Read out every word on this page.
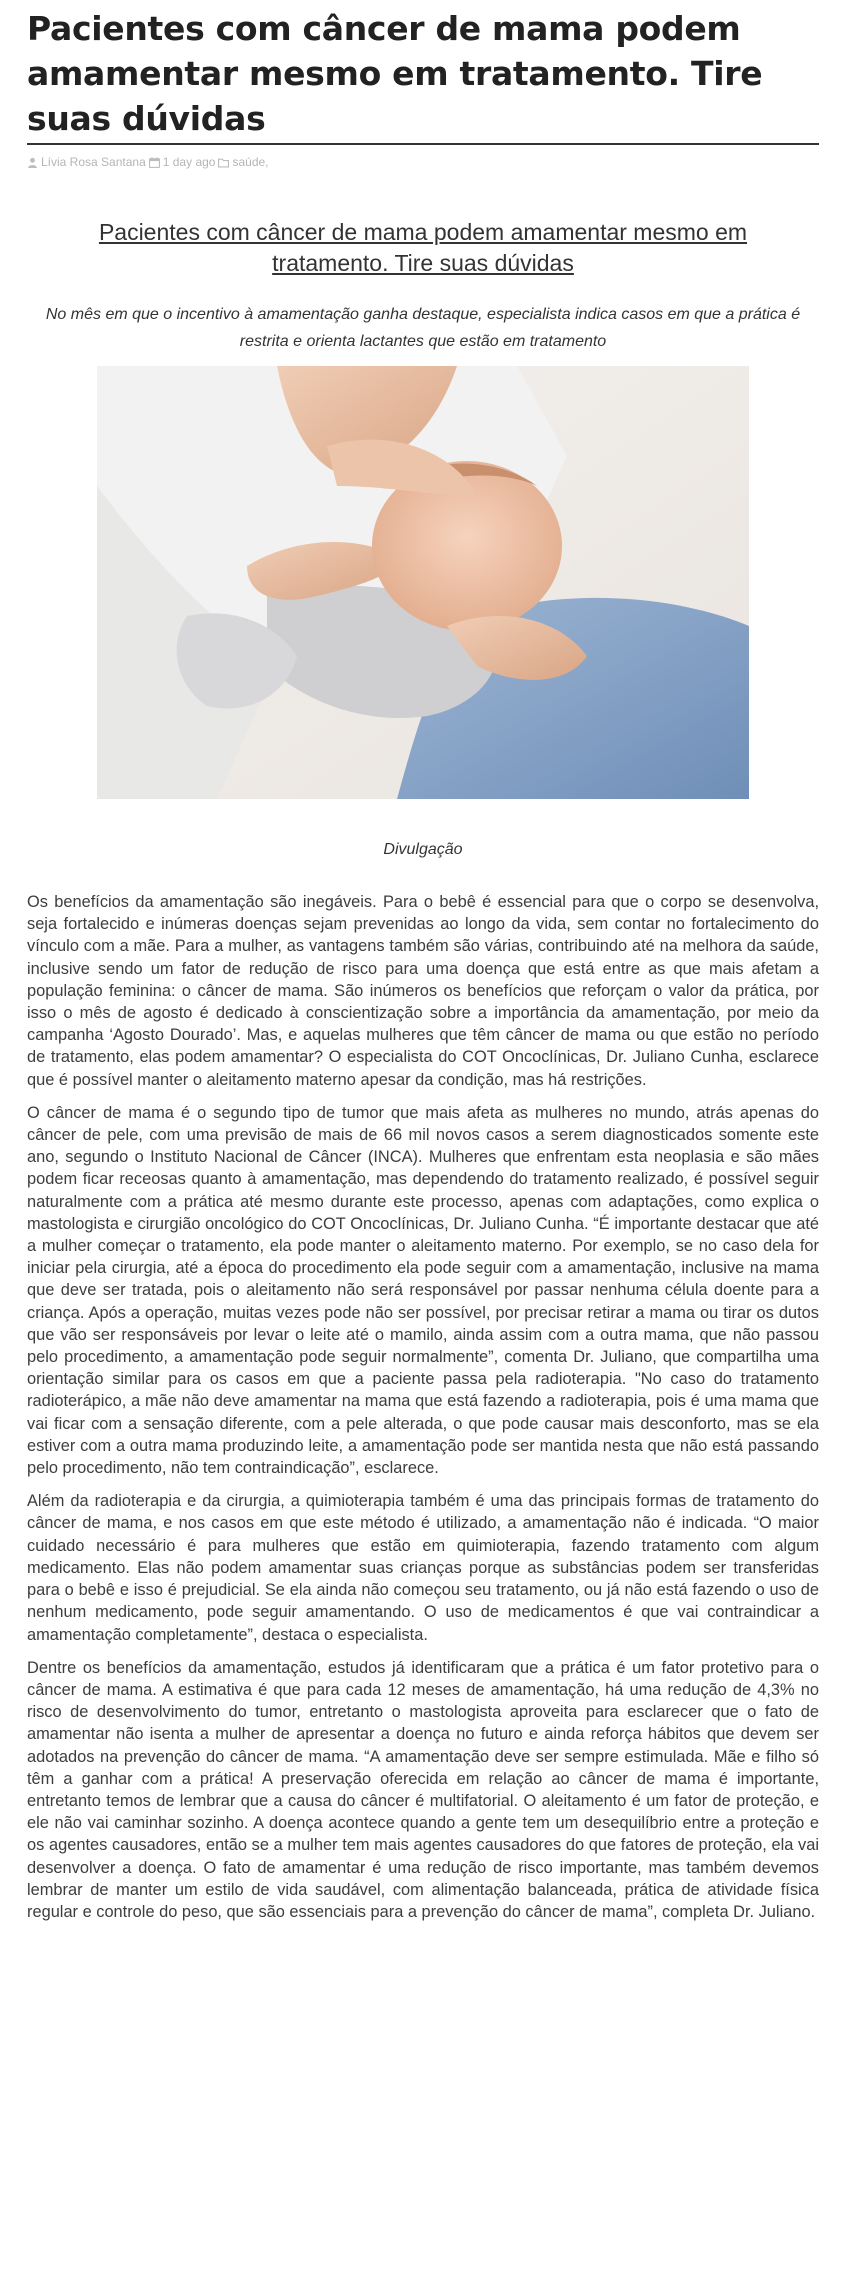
Pacientes com câncer de mama podem amamentar mesmo em tratamento. Tire suas dúvidas
Lívia Rosa Santana 1 day ago saúde,
Pacientes com câncer de mama podem amamentar mesmo em tratamento. Tire suas dúvidas
No mês em que o incentivo à amamentação ganha destaque, especialista indica casos em que a prática é restrita e orienta lactantes que estão em tratamento
Divulgação

Os benefícios da amamentação são inegáveis. Para o bebê é essencial para que o corpo se desenvolva, seja fortalecido e inúmeras doenças sejam prevenidas ao longo da vida, sem contar no fortalecimento do vínculo com a mãe. Para a mulher, as vantagens também são várias, contribuindo até na melhora da saúde, inclusive sendo um fator de redução de risco para uma doença que está entre as que mais afetam a população feminina: o câncer de mama. São inúmeros os benefícios que reforçam o valor da prática, por isso o mês de agosto é dedicado à conscientização sobre a importância da amamentação, por meio da campanha ‘Agosto Dourado’. Mas, e aquelas mulheres que têm câncer de mama ou que estão no período de tratamento, elas podem amamentar? O especialista do COT Oncoclínicas, Dr. Juliano Cunha, esclarece que é possível manter o aleitamento materno apesar da condição, mas há restrições.

O câncer de mama é o segundo tipo de tumor que mais afeta as mulheres no mundo, atrás apenas do câncer de pele, com uma previsão de mais de 66 mil novos casos a serem diagnosticados somente este ano, segundo o Instituto Nacional de Câncer (INCA). Mulheres que enfrentam esta neoplasia e são mães podem ficar receosas quanto à amamentação, mas dependendo do tratamento realizado, é possível seguir naturalmente com a prática até mesmo durante este processo, apenas com adaptações, como explica o mastologista e cirurgião oncológico do COT Oncoclínicas, Dr. Juliano Cunha. “É importante destacar que até a mulher começar o tratamento, ela pode manter o aleitamento materno. Por exemplo, se no caso dela for iniciar pela cirurgia, até a época do procedimento ela pode seguir com a amamentação, inclusive na mama que deve ser tratada, pois o aleitamento não será responsável por passar nenhuma célula doente para a criança. Após a operação, muitas vezes pode não ser possível, por precisar retirar a mama ou tirar os dutos que vão ser responsáveis por levar o leite até o mamilo, ainda assim com a outra mama, que não passou pelo procedimento, a amamentação pode seguir normalmente”, comenta Dr. Juliano, que compartilha uma orientação similar para os casos em que a paciente passa pela radioterapia. "No caso do tratamento radioterápico, a mãe não deve amamentar na mama que está fazendo a radioterapia, pois é uma mama que vai ficar com a sensação diferente, com a pele alterada, o que pode causar mais desconforto, mas se ela estiver com a outra mama produzindo leite, a amamentação pode ser mantida nesta que não está passando pelo procedimento, não tem contraindicação”, esclarece.

Além da radioterapia e da cirurgia, a quimioterapia também é uma das principais formas de tratamento do câncer de mama, e nos casos em que este método é utilizado, a amamentação não é indicada. “O maior cuidado necessário é para mulheres que estão em quimioterapia, fazendo tratamento com algum medicamento. Elas não podem amamentar suas crianças porque as substâncias podem ser transferidas para o bebê e isso é prejudicial. Se ela ainda não começou seu tratamento, ou já não está fazendo o uso de nenhum medicamento, pode seguir amamentando. O uso de medicamentos é que vai contraindicar a amamentação completamente”, destaca o especialista.

Dentre os benefícios da amamentação, estudos já identificaram que a prática é um fator protetivo para o câncer de mama. A estimativa é que para cada 12 meses de amamentação, há uma redução de 4,3% no risco de desenvolvimento do tumor, entretanto o mastologista aproveita para esclarecer que o fato de amamentar não isenta a mulher de apresentar a doença no futuro e ainda reforça hábitos que devem ser adotados na prevenção do câncer de mama. “A amamentação deve ser sempre estimulada. Mãe e filho só têm a ganhar com a prática! A preservação oferecida em relação ao câncer de mama é importante, entretanto temos de lembrar que a causa do câncer é multifatorial. O aleitamento é um fator de proteção, e ele não vai caminhar sozinho. A doença acontece quando a gente tem um desequilíbrio entre a proteção e os agentes causadores, então se a mulher tem mais agentes causadores do que fatores de proteção, ela vai desenvolver a doença. O fato de amamentar é uma redução de risco importante, mas também devemos lembrar de manter um estilo de vida saudável, com alimentação balanceada, prática de atividade física regular e controle do peso, que são essenciais para a prevenção do câncer de mama”, completa Dr. Juliano.
